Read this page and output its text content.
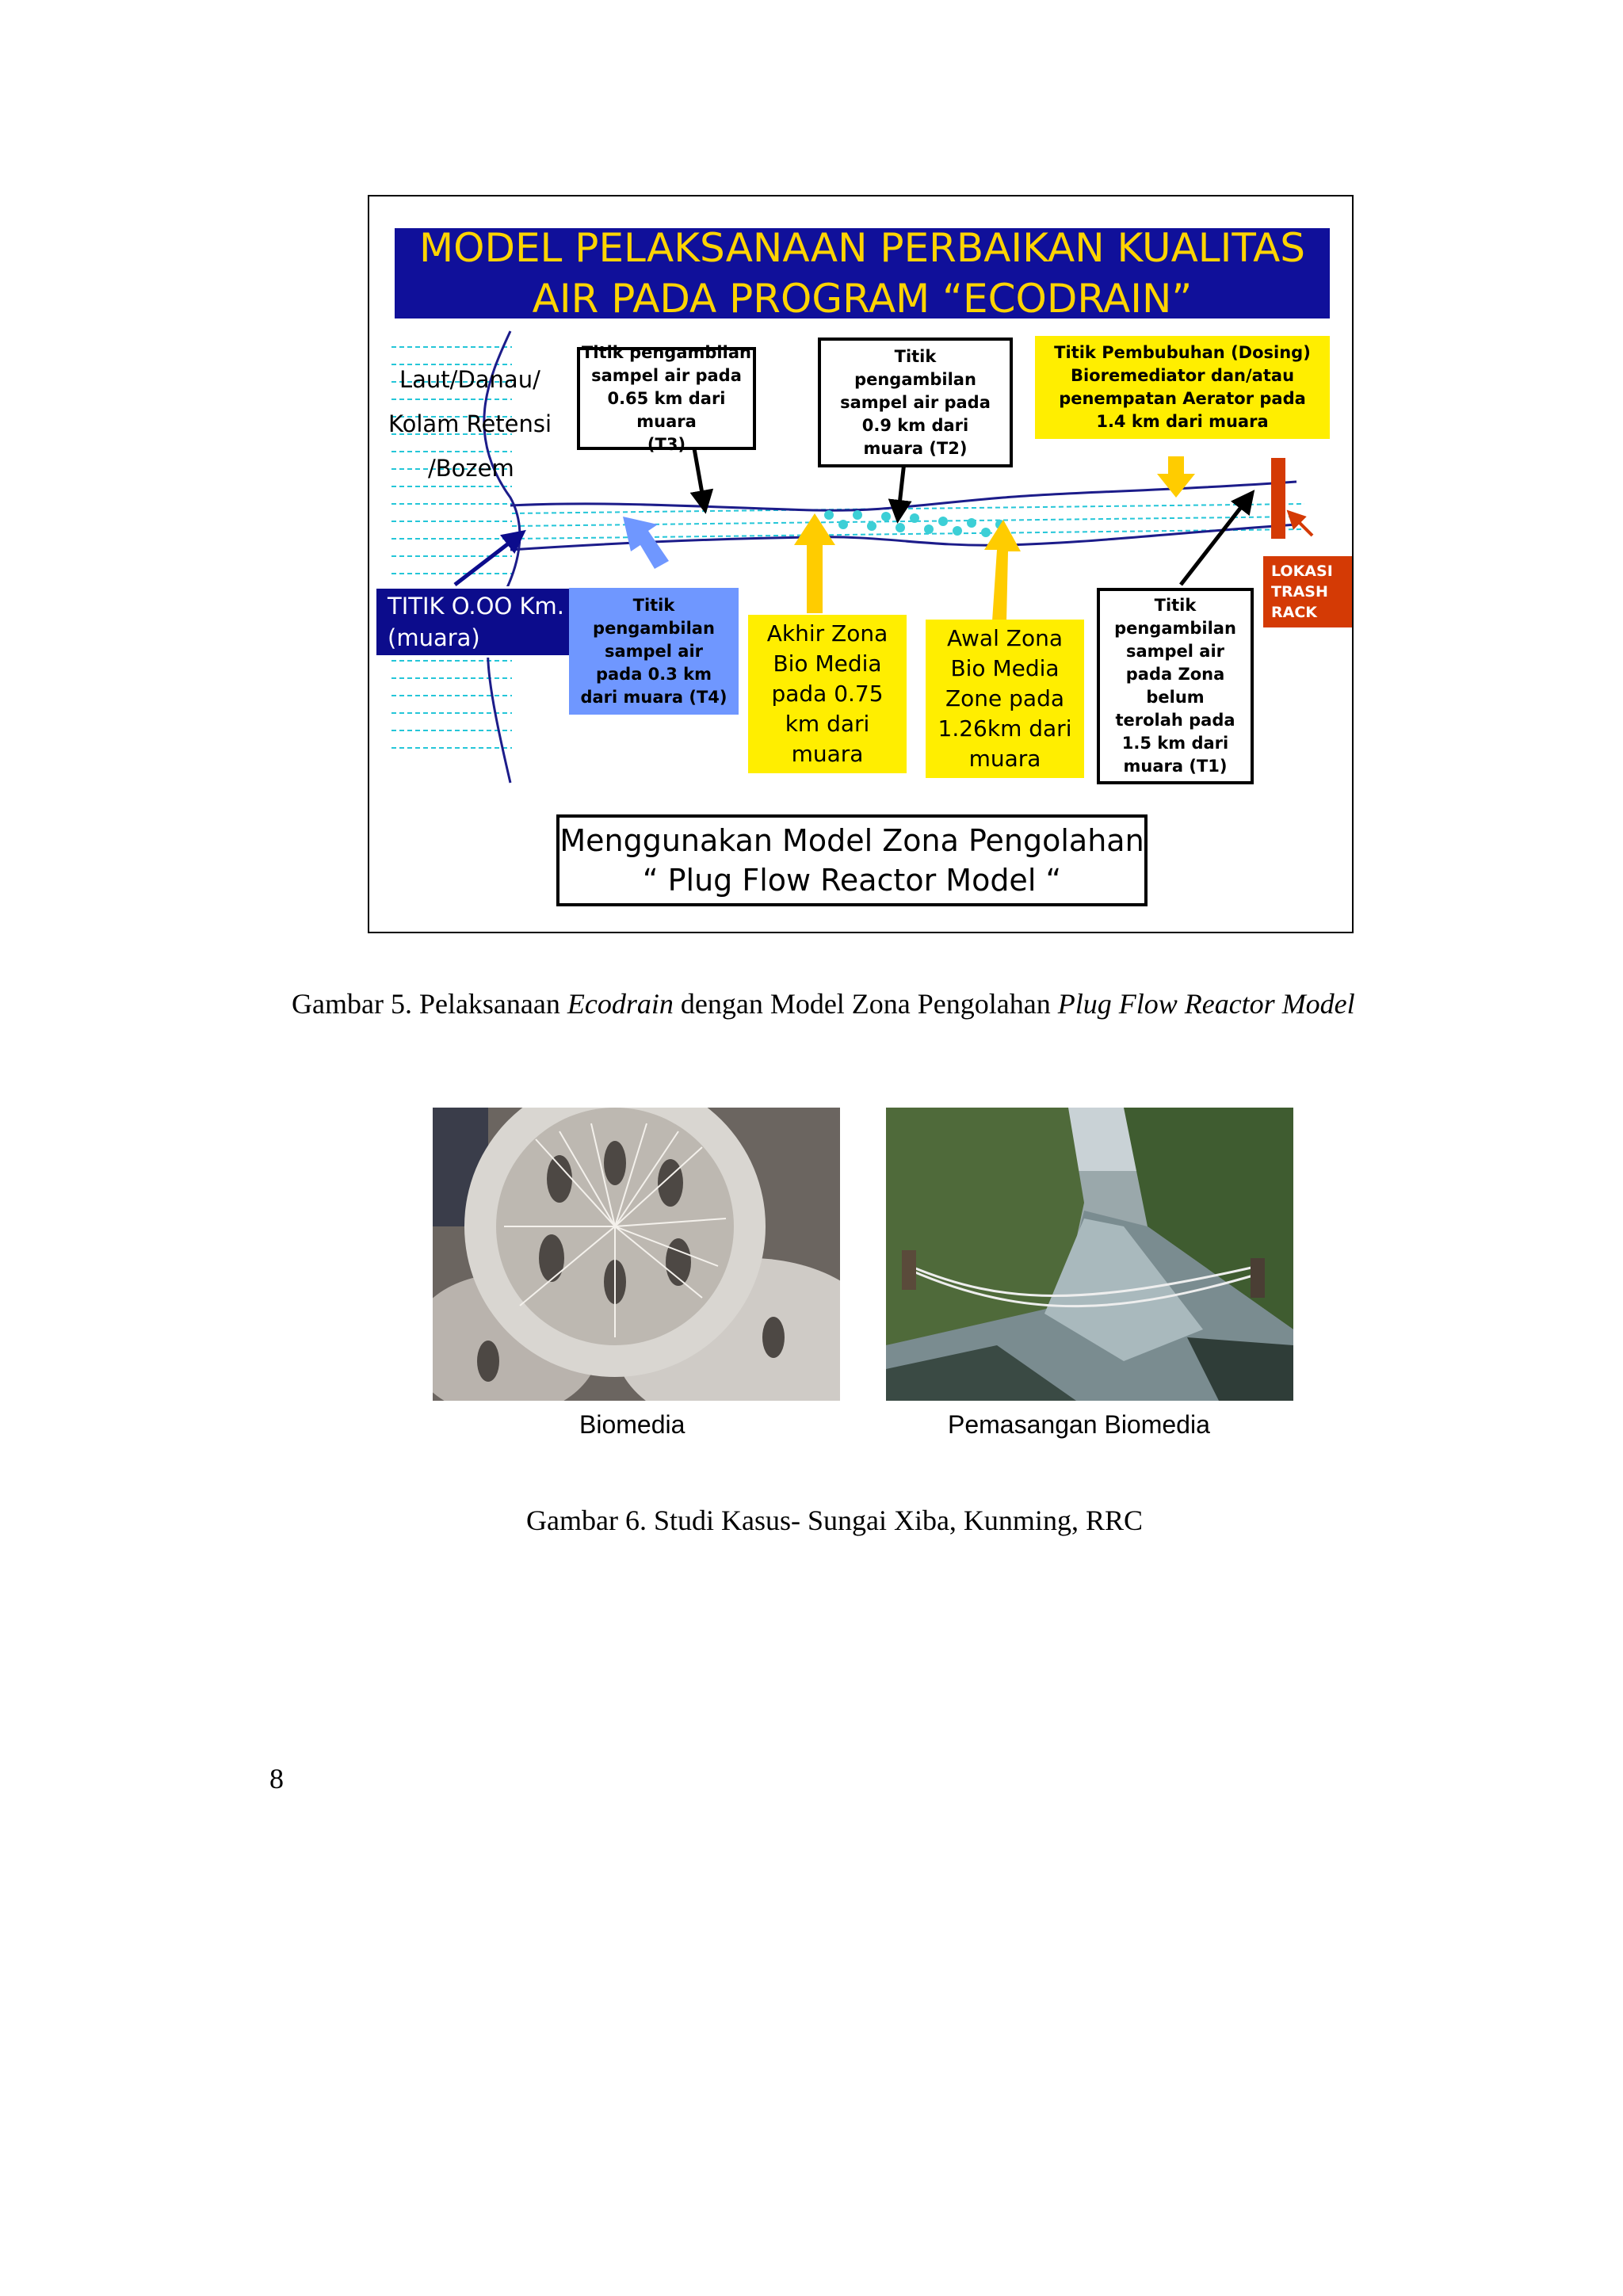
MODEL PELAKSANAAN PERBAIKAN KUALITAS
AIR PADA PROGRAM “ECODRAIN”
Laut/Danau/
Kolam Retensi
/Bozem
Titik pengambilan
sampel air pada
0.65 km dari muara
(T3)
Titik
pengambilan
sampel air pada
0.9 km dari
muara (T2)
Titik Pembubuhan (Dosing)
Bioremediator dan/atau
penempatan Aerator pada
1.4 km dari muara
TITIK O.OO Km.
(muara)
Titik
pengambilan
sampel air
pada 0.3 km
dari muara (T4)
Akhir Zona
Bio Media
pada 0.75
km dari
muara
Awal Zona
Bio Media
Zone pada
1.26km dari
muara
Titik
pengambilan
sampel air
pada Zona
belum
terolah pada
1.5 km dari
muara (T1)
LOKASI
TRASH
RACK
Menggunakan Model Zona Pengolahan
“ Plug Flow Reactor Model “
Gambar 5. Pelaksanaan Ecodrain dengan Model Zona Pengolahan Plug Flow Reactor Model
Biomedia	Pemasangan Biomedia
Gambar 6. Studi Kasus- Sungai Xiba, Kunming, RRC
8
